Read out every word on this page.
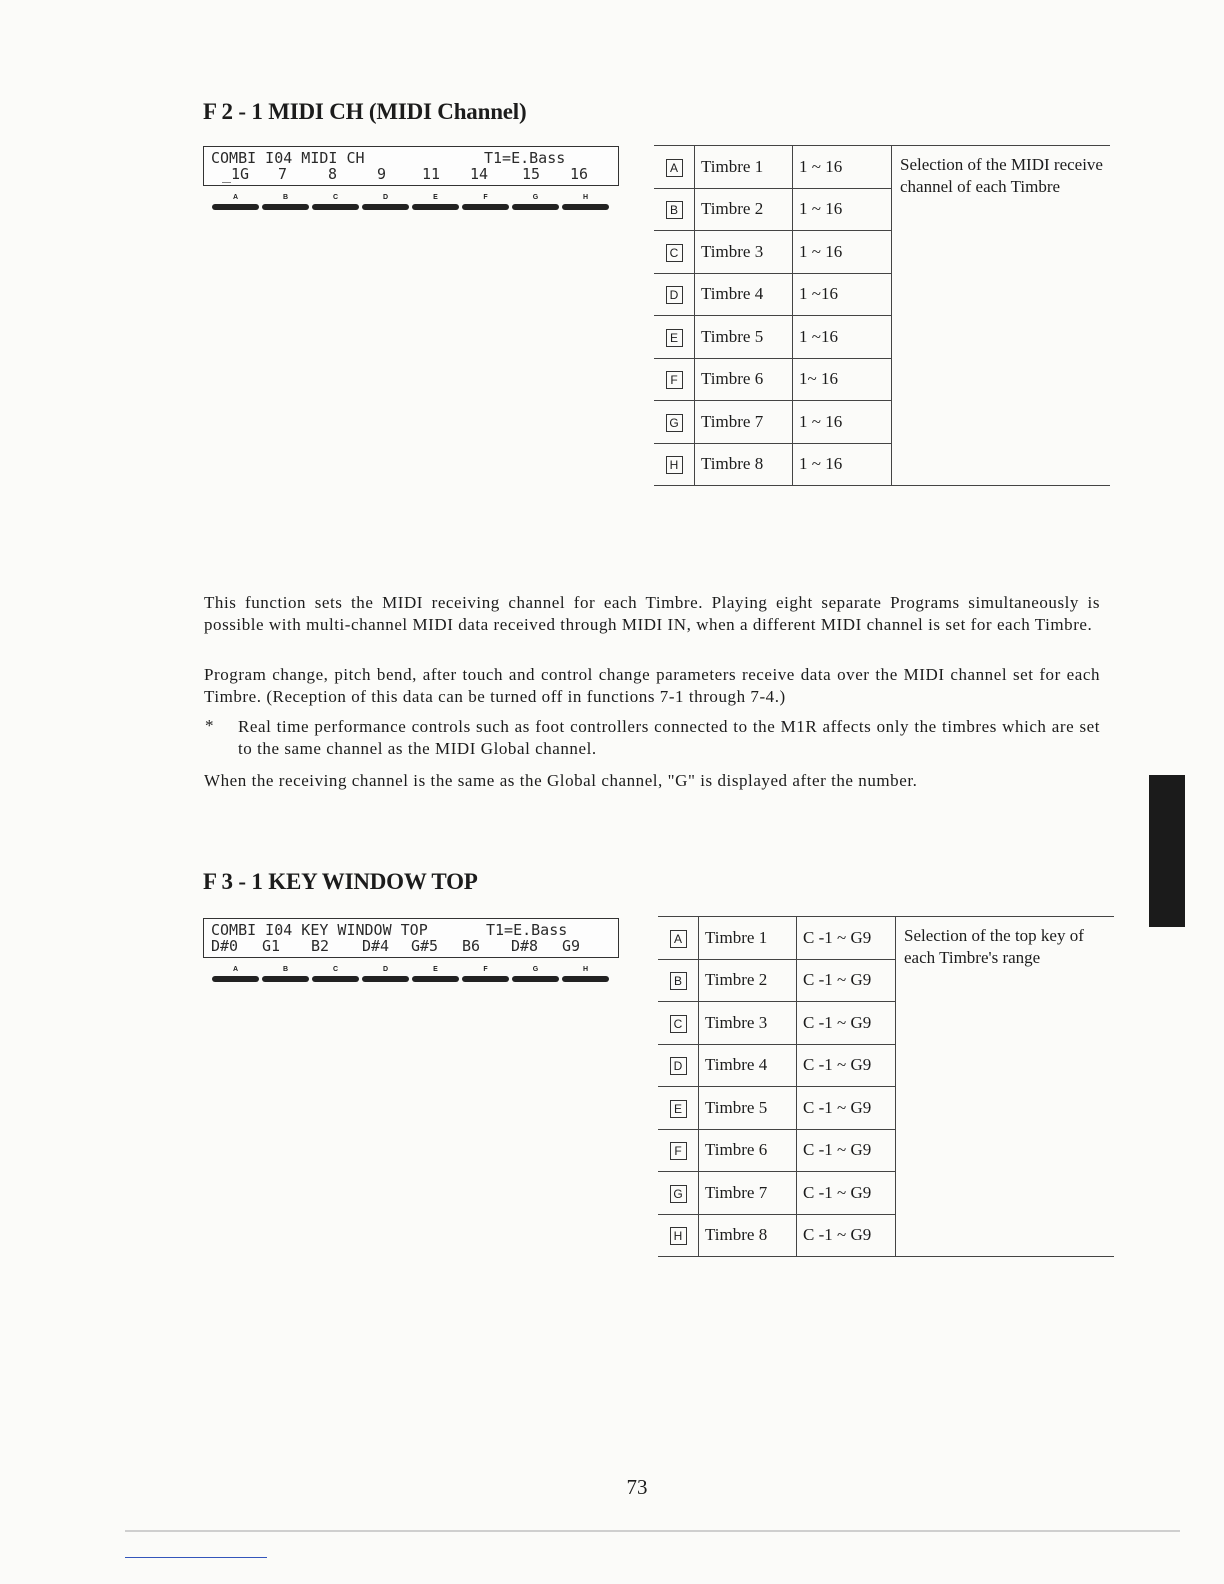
F 2 - 1 MIDI CH (MIDI Channel)
COMBI I04 MIDI CH	T1=E.Bass
_1G 7	8	9 11 14 15 16
A	B	C	D	E	F	G	H
A	Timbre 1	1 ~ 16	Selection of the MIDI receive channel of each Timbre
B	Timbre 2	1 ~ 16	
C	Timbre 3	1 ~ 16	
D	Timbre 4	1 ~16	
E	Timbre 5	1 ~16	
F	Timbre 6	1~ 16	
G	Timbre 7	1 ~ 16	
H	Timbre 8	1 ~ 16	

This function sets the MIDI receiving channel for each Timbre. Playing eight separate Programs simultaneously is possible with multi-channel MIDI data received through MIDI IN, when a different MIDI channel is set for each Timbre.

Program change, pitch bend, after touch and control change parameters receive data over the MIDI channel set for each Timbre. (Reception of this data can be turned off in functions 7-1 through 7-4.)

* Real time performance controls such as foot controllers connected to the M1R affects only the timbres which are set to the same channel as the MIDI Global channel.

When the receiving channel is the same as the Global channel, "G" is displayed after the number.

F 3 - 1 KEY WINDOW TOP
COMBI I04 KEY WINDOW TOP	T1=E.Bass
D#0 G1 B2 D#4 G#5 B6 D#8 G9
A	B	C	D	E	F	G	H
A	Timbre 1	C -1 ~ G9	Selection of the top key of each Timbre's range
B	Timbre 2	C -1 ~ G9	
C	Timbre 3	C -1 ~ G9	
D	Timbre 4	C -1 ~ G9	
E	Timbre 5	C -1 ~ G9	
F	Timbre 6	C -1 ~ G9	
G	Timbre 7	C -1 ~ G9	
H	Timbre 8	C -1 ~ G9	
73
